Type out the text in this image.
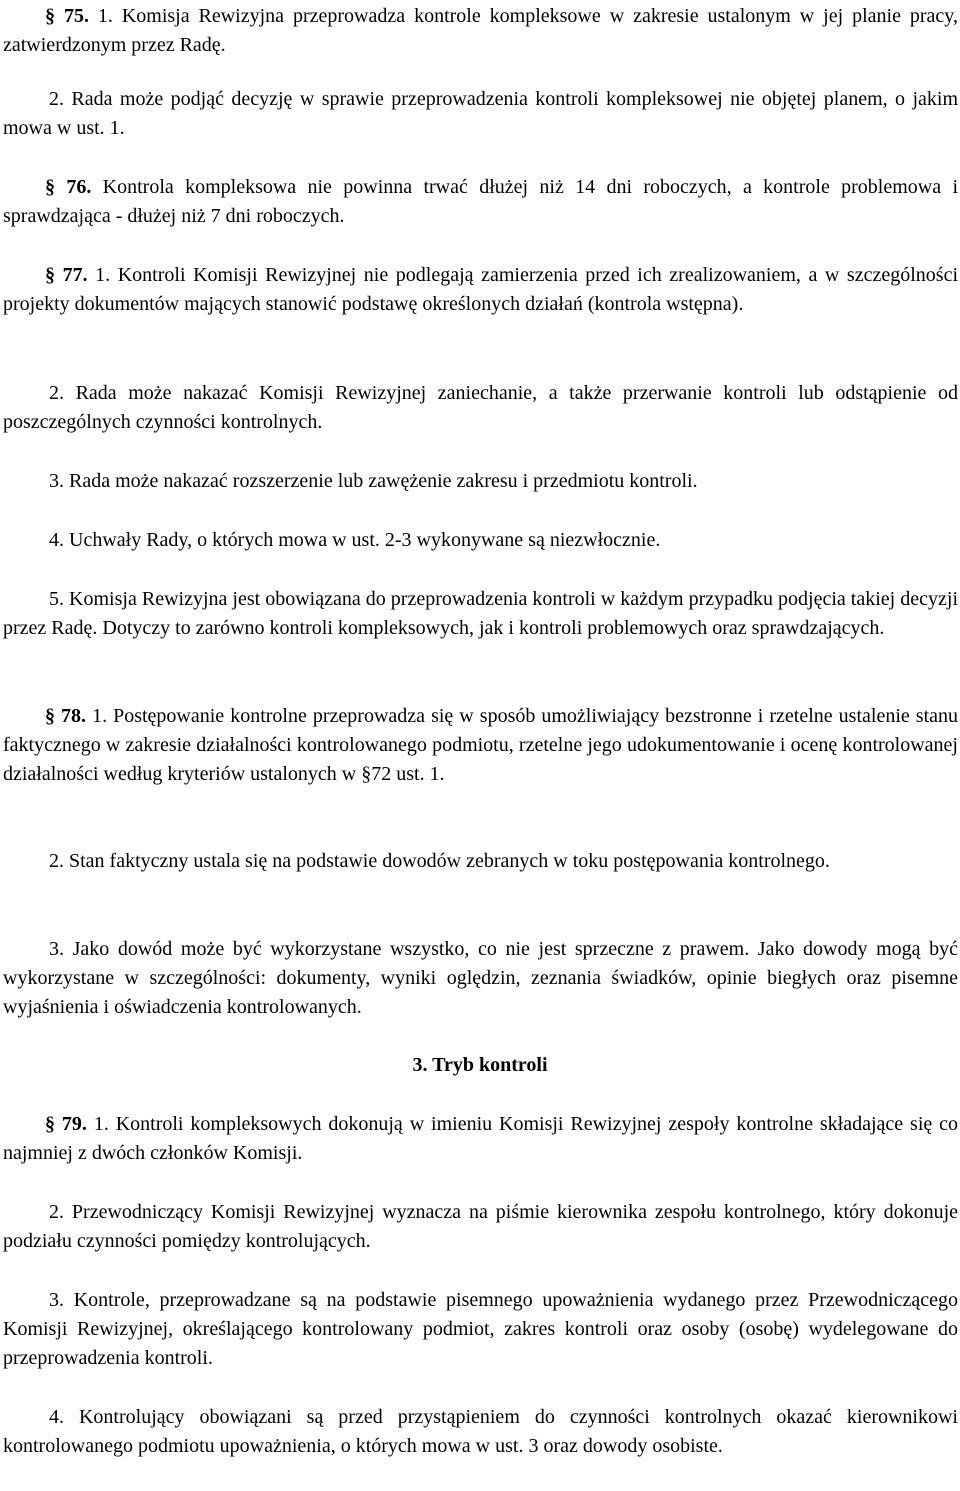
§ 75. 1. Komisja Rewizyjna przeprowadza kontrole kompleksowe w zakresie ustalonym w jej planie pracy, zatwierdzonym przez Radę.

2. Rada może podjąć decyzję w sprawie przeprowadzenia kontroli kompleksowej nie objętej planem, o jakim mowa w ust. 1.

§ 76. Kontrola kompleksowa nie powinna trwać dłużej niż 14 dni roboczych, a kontrole problemowa i sprawdzająca - dłużej niż 7 dni roboczych.

§ 77. 1. Kontroli Komisji Rewizyjnej nie podlegają zamierzenia przed ich zrealizowaniem, a w szczególności projekty dokumentów mających stanowić podstawę określonych działań (kontrola wstępna).

2. Rada może nakazać Komisji Rewizyjnej zaniechanie, a także przerwanie kontroli lub odstąpienie od poszczególnych czynności kontrolnych.

3. Rada może nakazać rozszerzenie lub zawężenie zakresu i przedmiotu kontroli.

4. Uchwały Rady, o których mowa w ust. 2-3 wykonywane są niezwłocznie.

5. Komisja Rewizyjna jest obowiązana do przeprowadzenia kontroli w każdym przypadku podjęcia takiej decyzji przez Radę. Dotyczy to zarówno kontroli kompleksowych, jak i kontroli problemowych oraz sprawdzających.

§ 78. 1. Postępowanie kontrolne przeprowadza się w sposób umożliwiający bezstronne i rzetelne ustalenie stanu faktycznego w zakresie działalności kontrolowanego podmiotu, rzetelne jego udokumentowanie i ocenę kontrolowanej działalności według kryteriów ustalonych w §72 ust. 1.

2. Stan faktyczny ustala się na podstawie dowodów zebranych w toku postępowania kontrolnego.

3. Jako dowód może być wykorzystane wszystko, co nie jest sprzeczne z prawem. Jako dowody mogą być wykorzystane w szczególności: dokumenty, wyniki oględzin, zeznania świadków, opinie biegłych oraz pisemne wyjaśnienia i oświadczenia kontrolowanych.

3. Tryb kontroli

§ 79. 1. Kontroli kompleksowych dokonują w imieniu Komisji Rewizyjnej zespoły kontrolne składające się co najmniej z dwóch członków Komisji.

2. Przewodniczący Komisji Rewizyjnej wyznacza na piśmie kierownika zespołu kontrolnego, który dokonuje podziału czynności pomiędzy kontrolujących.

3. Kontrole, przeprowadzane są na podstawie pisemnego upoważnienia wydanego przez Przewodniczącego Komisji Rewizyjnej, określającego kontrolowany podmiot, zakres kontroli oraz osoby (osobę) wydelegowane do przeprowadzenia kontroli.

4. Kontrolujący obowiązani są przed przystąpieniem do czynności kontrolnych okazać kierownikowi kontrolowanego podmiotu upoważnienia, o których mowa w ust. 3 oraz dowody osobiste.
